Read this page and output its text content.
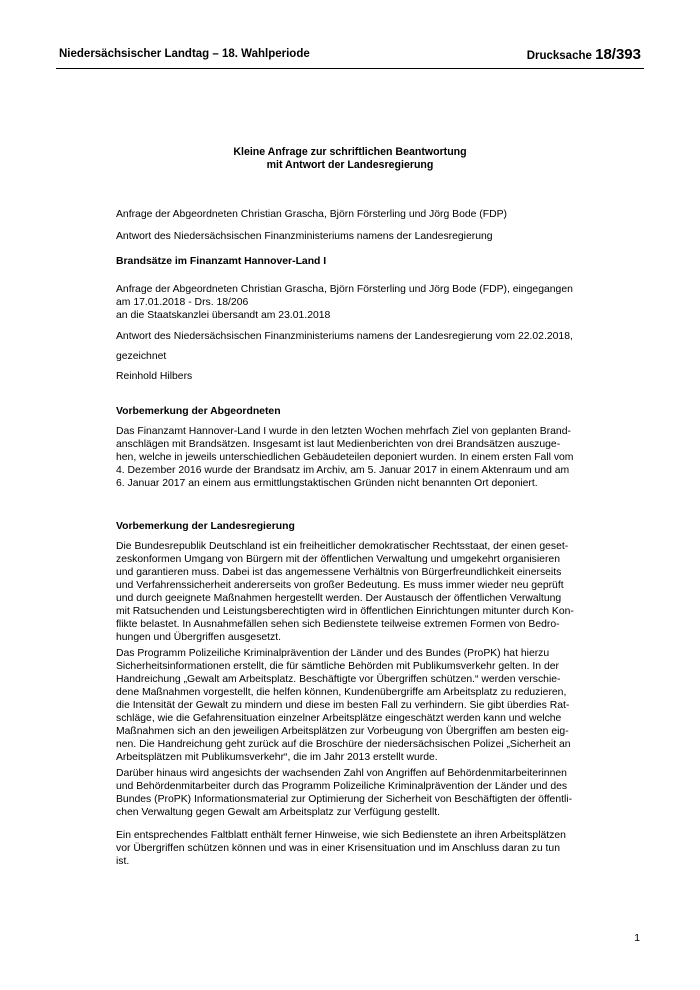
Niedersächsischer Landtag – 18. Wahlperiode	Drucksache 18/393
Kleine Anfrage zur schriftlichen Beantwortung
mit Antwort der Landesregierung

Anfrage der Abgeordneten Christian Grascha, Björn Försterling und Jörg Bode (FDP)

Antwort des Niedersächsischen Finanzministeriums namens der Landesregierung

Brandsätze im Finanzamt Hannover-Land I

Anfrage der Abgeordneten Christian Grascha, Björn Försterling und Jörg Bode (FDP), eingegangen

am 17.01.2018 - Drs. 18/206

an die Staatskanzlei übersandt am 23.01.2018

Antwort des Niedersächsischen Finanzministeriums namens der Landesregierung vom 22.02.2018,

gezeichnet

Reinhold Hilbers

Vorbemerkung der Abgeordneten

Das Finanzamt Hannover-Land I wurde in den letzten Wochen mehrfach Ziel von geplanten Brand-
anschlägen mit Brandsätzen. Insgesamt ist laut Medienberichten von drei Brandsätzen auszuge-
hen, welche in jeweils unterschiedlichen Gebäudeteilen deponiert wurden. In einem ersten Fall vom
4. Dezember 2016 wurde der Brandsatz im Archiv, am 5. Januar 2017 in einem Aktenraum und am
6. Januar 2017 an einem aus ermittlungstaktischen Gründen nicht benannten Ort deponiert.

Vorbemerkung der Landesregierung

Die Bundesrepublik Deutschland ist ein freiheitlicher demokratischer Rechtsstaat, der einen geset-
zeskonformen Umgang von Bürgern mit der öffentlichen Verwaltung und umgekehrt organisieren
und garantieren muss. Dabei ist das angemessene Verhältnis von Bürgerfreundlichkeit einerseits
und Verfahrenssicherheit andererseits von großer Bedeutung. Es muss immer wieder neu geprüft
und durch geeignete Maßnahmen hergestellt werden. Der Austausch der öffentlichen Verwaltung
mit Ratsuchenden und Leistungsberechtigten wird in öffentlichen Einrichtungen mitunter durch Kon-
flikte belastet. In Ausnahmefällen sehen sich Bedienstete teilweise extremen Formen von Bedro-
hungen und Übergriffen ausgesetzt.
Das Programm Polizeiliche Kriminalprävention der Länder und des Bundes (ProPK) hat hierzu
Sicherheitsinformationen erstellt, die für sämtliche Behörden mit Publikumsverkehr gelten. In der
Handreichung „Gewalt am Arbeitsplatz. Beschäftigte vor Übergriffen schützen.“ werden verschie-
dene Maßnahmen vorgestellt, die helfen können, Kundenübergriffe am Arbeitsplatz zu reduzieren,
die Intensität der Gewalt zu mindern und diese im besten Fall zu verhindern. Sie gibt überdies Rat-
schläge, wie die Gefahrensituation einzelner Arbeitsplätze eingeschätzt werden kann und welche
Maßnahmen sich an den jeweiligen Arbeitsplätzen zur Vorbeugung von Übergriffen am besten eig-
nen. Die Handreichung geht zurück auf die Broschüre der niedersächsischen Polizei „Sicherheit an
Arbeitsplätzen mit Publikumsverkehr“, die im Jahr 2013 erstellt wurde.
Darüber hinaus wird angesichts der wachsenden Zahl von Angriffen auf Behördenmitarbeiterinnen
und Behördenmitarbeiter durch das Programm Polizeiliche Kriminalprävention der Länder und des
Bundes (ProPK) Informationsmaterial zur Optimierung der Sicherheit von Beschäftigten der öffentli-
chen Verwaltung gegen Gewalt am Arbeitsplatz zur Verfügung gestellt.
Ein entsprechendes Faltblatt enthält ferner Hinweise, wie sich Bedienstete an ihren Arbeitsplätzen
vor Übergriffen schützen können und was in einer Krisensituation und im Anschluss daran zu tun
ist.
1
